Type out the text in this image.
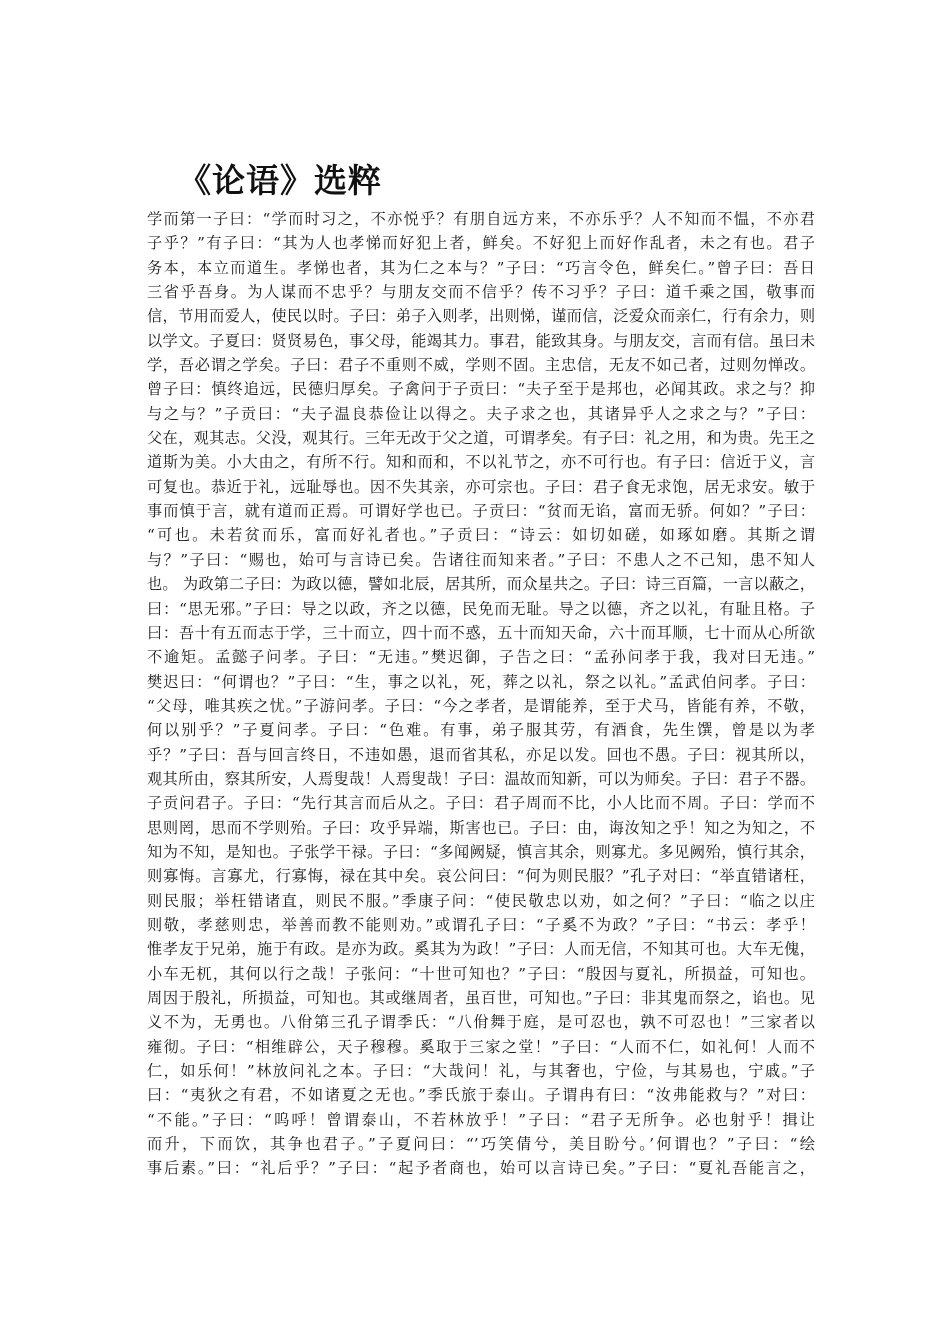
《论语》选粹
学而第一子曰：“学而时习之，不亦悦乎？有朋自远方来，不亦乐乎？人不知而不愠，不亦君
子乎？”有子曰：“其为人也孝悌而好犯上者，鲜矣。不好犯上而好作乱者，未之有也。君子
务本，本立而道生。孝悌也者，其为仁之本与？”子曰：“巧言令色，鲜矣仁。”曾子曰：吾日
三省乎吾身。为人谋而不忠乎？与朋友交而不信乎？传不习乎？子曰：道千乘之国，敬事而
信，节用而爱人，使民以时。子曰：弟子入则孝，出则悌，谨而信，泛爱众而亲仁，行有余力，则
以学文。子夏曰：贤贤易色，事父母，能竭其力。事君，能致其身。与朋友交，言而有信。虽曰未
学，吾必谓之学矣。子曰：君子不重则不威，学则不固。主忠信，无友不如己者，过则勿惮改。
曾子曰：慎终追远，民德归厚矣。子禽问于子贡曰：“夫子至于是邦也，必闻其政。求之与？抑
与之与？”子贡曰：“夫子温良恭俭让以得之。夫子求之也，其诸异乎人之求之与？”子曰：
父在，观其志。父没，观其行。三年无改于父之道，可谓孝矣。有子曰：礼之用，和为贵。先王之
道斯为美。小大由之，有所不行。知和而和，不以礼节之，亦不可行也。有子曰：信近于义，言
可复也。恭近于礼，远耻辱也。因不失其亲，亦可宗也。子曰：君子食无求饱，居无求安。敏于
事而慎于言，就有道而正焉。可谓好学也已。子贡曰：“贫而无谄，富而无骄。何如？”子曰：
“可也。未若贫而乐，富而好礼者也。”子贡曰：“诗云：如切如磋，如琢如磨。其斯之谓
与？”子曰：“赐也，始可与言诗已矣。告诸往而知来者。”子曰：不患人之不己知，患不知人
也。 为政第二子曰：为政以德，譬如北辰，居其所，而众星共之。子曰：诗三百篇，一言以蔽之，
曰：“思无邪。”子曰：导之以政，齐之以德，民免而无耻。导之以德，齐之以礼，有耻且格。子
曰：吾十有五而志于学，三十而立，四十而不惑，五十而知天命，六十而耳顺，七十而从心所欲
不逾矩。孟懿子问孝。子曰：“无违。”樊迟御，子告之曰：“孟孙问孝于我，我对曰无违。”
樊迟曰：“何谓也？”子曰：“生，事之以礼，死，葬之以礼，祭之以礼。”孟武伯问孝。子曰：
“父母，唯其疾之忧。”子游问孝。子曰：“今之孝者，是谓能养，至于犬马，皆能有养，不敬，
何以别乎？”子夏问孝。子曰：“色难。有事，弟子服其劳，有酒食，先生馔，曾是以为孝
乎？”子曰：吾与回言终日，不违如愚，退而省其私，亦足以发。回也不愚。子曰：视其所以，
观其所由，察其所安，人焉叟哉！人焉叟哉！子曰：温故而知新，可以为师矣。子曰：君子不器。
子贡问君子。子曰：“先行其言而后从之。子曰：君子周而不比，小人比而不周。子曰：学而不
思则罔，思而不学则殆。子曰：攻乎异端，斯害也已。子曰：由，诲汝知之乎！知之为知之，不
知为不知，是知也。子张学干禄。子曰：“多闻阙疑，慎言其余，则寡尤。多见阙殆，慎行其余，
则寡悔。言寡尤，行寡悔，禄在其中矣。哀公问曰：“何为则民服？”孔子对曰：“举直错诸枉，
则民服；举枉错诸直，则民不服。”季康子问：“使民敬忠以劝，如之何？”子曰：“临之以庄
则敬，孝慈则忠，举善而教不能则劝。”或谓孔子曰：“子奚不为政？”子曰：“书云：孝乎！
惟孝友于兄弟，施于有政。是亦为政。奚其为为政！”子曰：人而无信，不知其可也。大车无傀，
小车无杌，其何以行之哉！子张问：“十世可知也？”子曰：“殷因与夏礼，所损益，可知也。
周因于殷礼，所损益，可知也。其或继周者，虽百世，可知也。”子曰：非其鬼而祭之，谄也。见
义不为，无勇也。八佾第三孔子谓季氏：“八佾舞于庭，是可忍也，孰不可忍也！”三家者以
雍彻。子曰：“相维辟公，天子穆穆。奚取于三家之堂！”子曰：“人而不仁，如礼何！人而不
仁，如乐何！”林放问礼之本。子曰：“大哉问！礼，与其奢也，宁俭，与其易也，宁戚。”子
曰：“夷狄之有君，不如诸夏之无也。”季氏旅于泰山。子谓冉有曰：“汝弗能救与？”对曰：
“不能。”子曰：“呜呼！曾谓泰山，不若林放乎！”子曰：“君子无所争。必也射乎！揖让
而升，下而饮，其争也君子。”子夏问曰：“’巧笑倩兮，美目盼兮。’何谓也？”子曰：“绘
事后素。”曰：“礼后乎？”子曰：“起予者商也，始可以言诗已矣。”子曰：“夏礼吾能言之，
